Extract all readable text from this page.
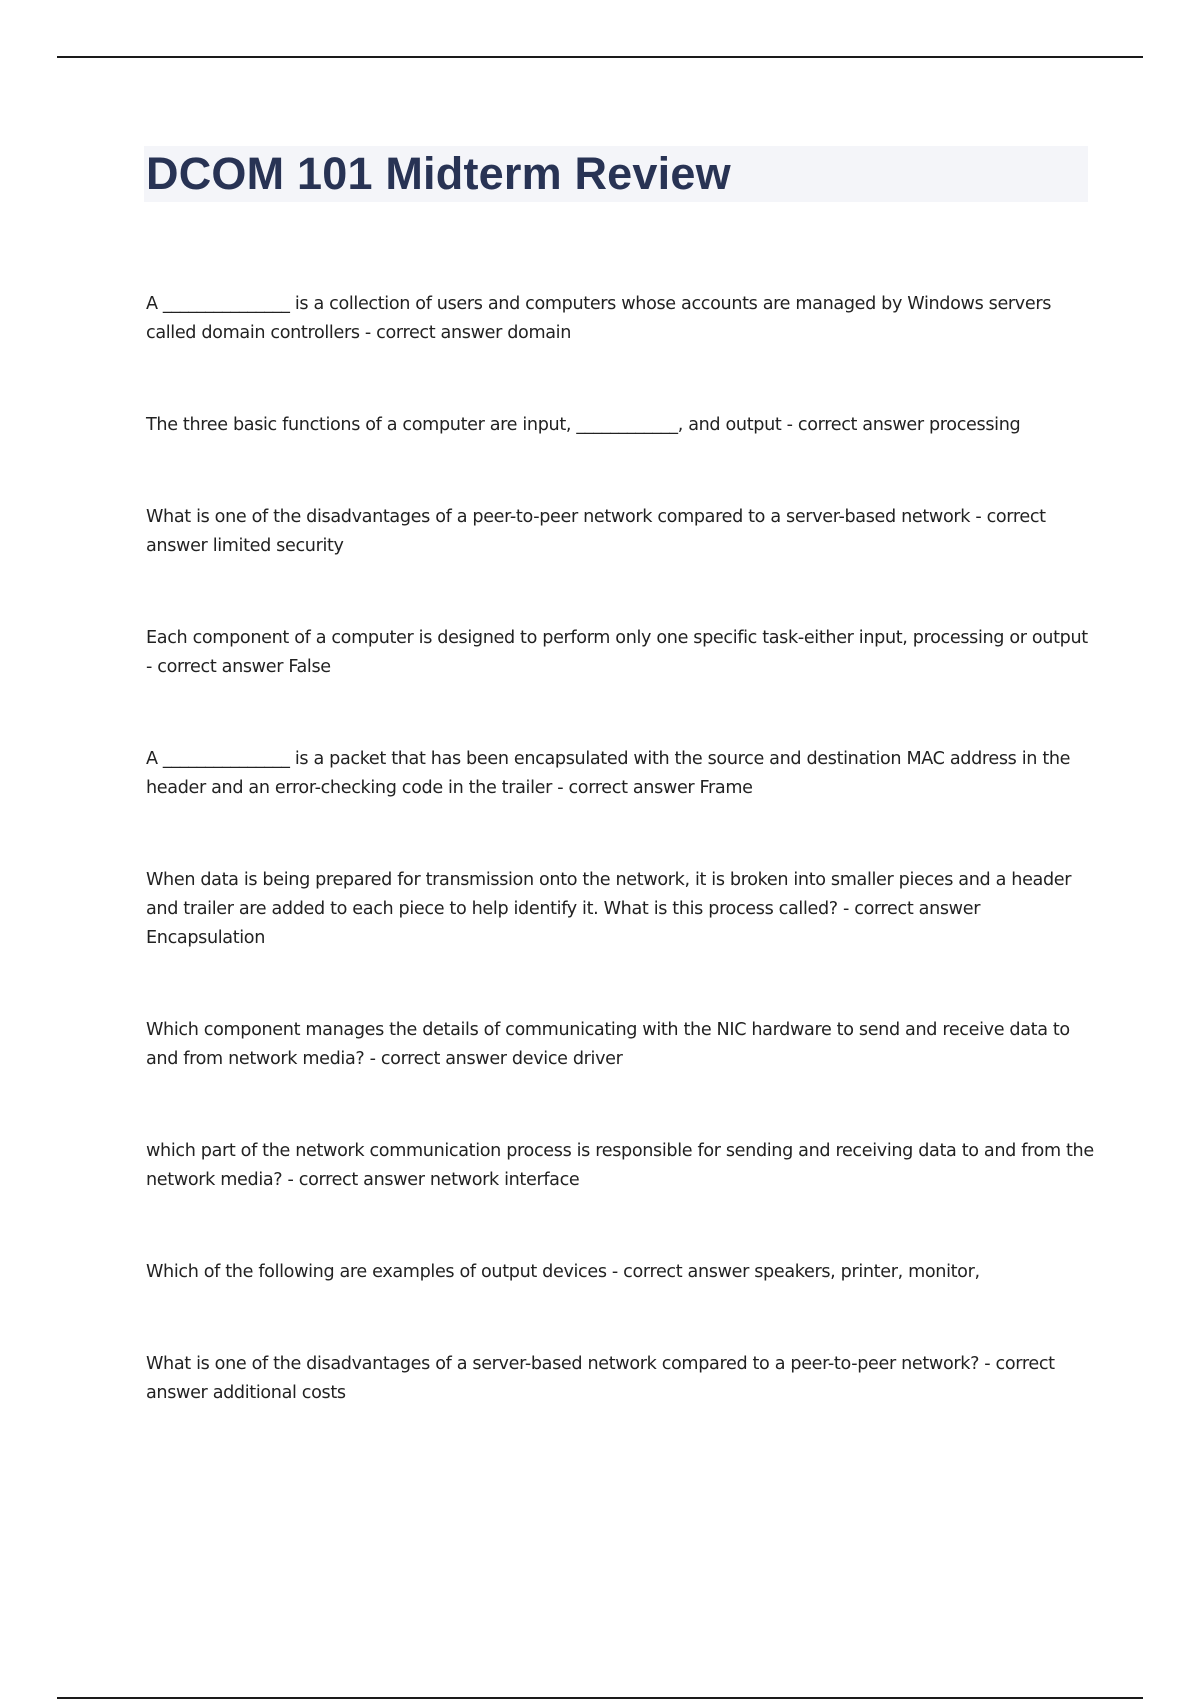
DCOM 101 Midterm Review

A _______________ is a collection of users and computers whose accounts are managed by Windows servers called domain controllers - correct answer domain

The three basic functions of a computer are input, ____________, and output - correct answer processing

What is one of the disadvantages of a peer-to-peer network compared to a server-based network - correct answer limited security

Each component of a computer is designed to perform only one specific task-either input, processing or output - correct answer False

A _______________ is a packet that has been encapsulated with the source and destination MAC address in the header and an error-checking code in the trailer - correct answer Frame

When data is being prepared for transmission onto the network, it is broken into smaller pieces and a header and trailer are added to each piece to help identify it. What is this process called? - correct answer Encapsulation

Which component manages the details of communicating with the NIC hardware to send and receive data to and from network media? - correct answer device driver

which part of the network communication process is responsible for sending and receiving data to and from the network media? - correct answer network interface

Which of the following are examples of output devices - correct answer speakers, printer, monitor,

What is one of the disadvantages of a server-based network compared to a peer-to-peer network? - correct answer additional costs
